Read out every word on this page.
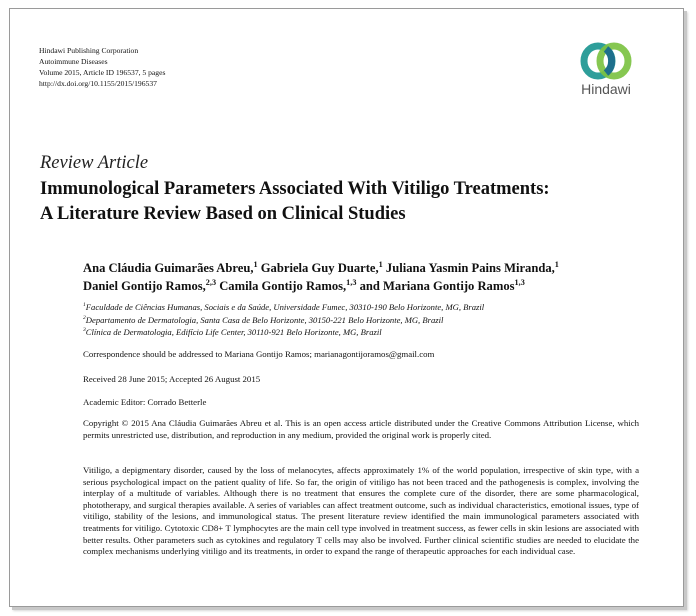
Hindawi Publishing Corporation
Autoimmune Diseases
Volume 2015, Article ID 196537, 5 pages
http://dx.doi.org/10.1155/2015/196537	Hindawi
Review Article
Immunological Parameters Associated With Vitiligo Treatments:
A Literature Review Based on Clinical Studies
Ana Cláudia Guimarães Abreu,$^1$ Gabriela Guy Duarte,$^1$ Juliana Yasmin Pains Miranda,$^1$
Daniel Gontijo Ramos,$^{2,3}$ Camila Gontijo Ramos,$^{1,3}$ and Mariana Gontijo Ramos$^{1,3}$
$^1$Faculdade de Ciências Humanas, Sociais e da Saúde, Universidade Fumec, 30310-190 Belo Horizonte, MG, Brazil
$^2$Departamento de Dermatologia, Santa Casa de Belo Horizonte, 30150-221 Belo Horizonte, MG, Brazil
$^3$Clínica de Dermatologia, Edifício Life Center, 30110-921 Belo Horizonte, MG, Brazil
Correspondence should be addressed to Mariana Gontijo Ramos; marianagontijoramos@gmail.com
Received 28 June 2015; Accepted 26 August 2015
Academic Editor: Corrado Betterle
Copyright © 2015 Ana Cláudia Guimarães Abreu et al. This is an open access article distributed under the Creative Commons Attribution License, which permits unrestricted use, distribution, and reproduction in any medium, provided the original work is properly cited.
Vitiligo, a depigmentary disorder, caused by the loss of melanocytes, affects approximately 1% of the world population, irrespective of skin type, with a serious psychological impact on the patient quality of life. So far, the origin of vitiligo has not been traced and the pathogenesis is complex, involving the interplay of a multitude of variables. Although there is no treatment that ensures the complete cure of the disorder, there are some pharmacological, phototherapy, and surgical therapies available. A series of variables can affect treatment outcome, such as individual characteristics, emotional issues, type of vitiligo, stability of the lesions, and immunological status. The present literature review identified the main immunological parameters associated with treatments for vitiligo. Cytotoxic CD8+ T lymphocytes are the main cell type involved in treatment success, as fewer cells in skin lesions are associated with better results. Other parameters such as cytokines and regulatory T cells may also be involved. Further clinical scientific studies are needed to elucidate the complex mechanisms underlying vitiligo and its treatments, in order to expand the range of therapeutic approaches for each individual case.
